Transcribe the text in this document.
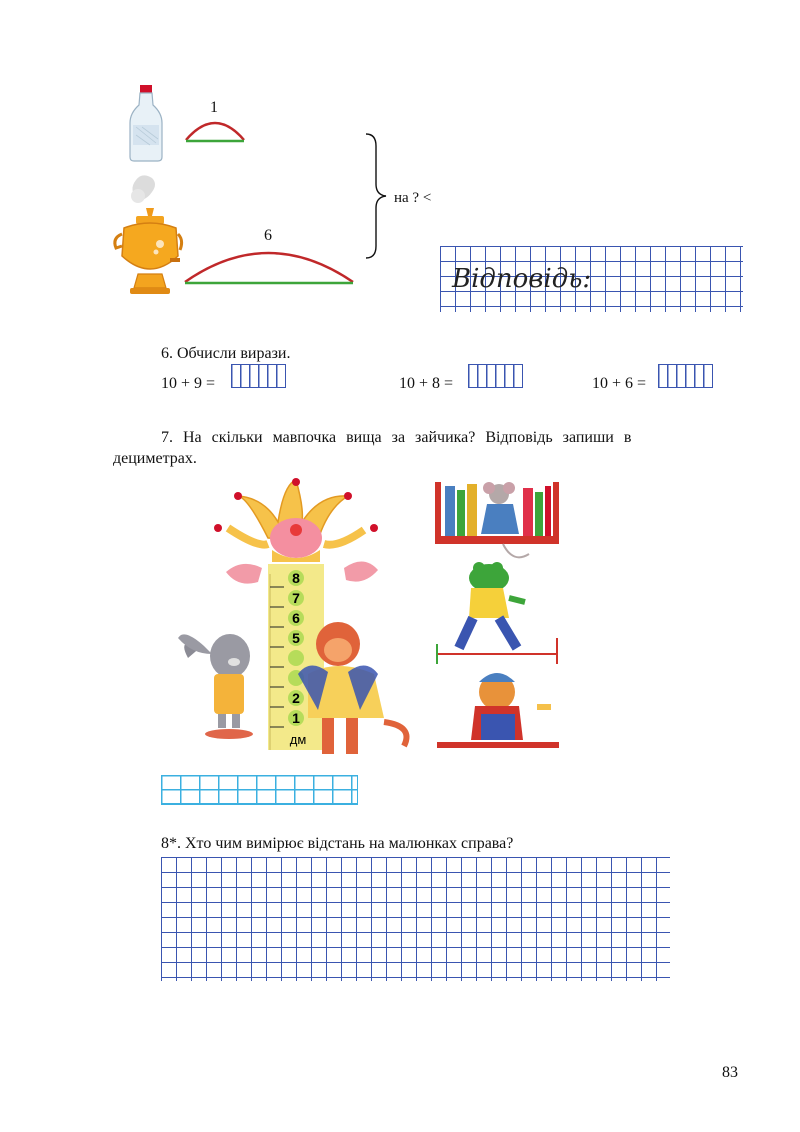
1
6
на ? <
Відповідь:
6. Обчисли вирази.
10 + 9 =	10 + 8 =	10 + 6 =
7. На скільки мавпочка вища за зайчика? Відповідь запиши в
дециметрах.
8
7
6
5
2
1
дм
8*. Хто чим вимірює відстань на малюнках справа?
83
